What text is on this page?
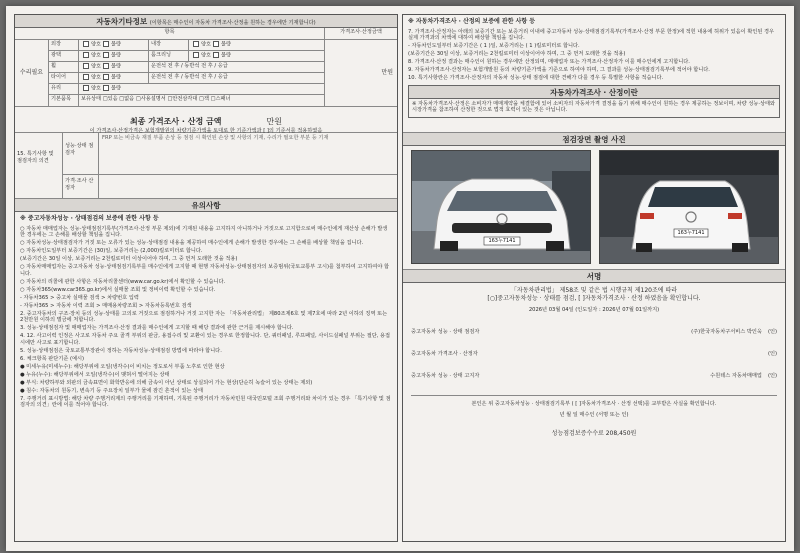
자동차기타정보 (이항목은 매수인이 자동차 가격조사·산정을 원하는 경우에만 기재합니다)
항목	가격조사·산정금액
수리필요
외장	양호 불량	내장	양호 불량
광택	양호 불량	룸크리닝	양호 불량
휠	양호 불량	운전석 전 후 / 동반석 전 후 / 응급
타이어	양호 불량	운전석 전 후 / 동반석 전 후 / 응급
유리	양호 불량
기본품목	보유상태 □있음 □없음 □사용설명서 □안전삼각대 □잭 □스패너
만원
최종 가격조사 · 산정 금액	만원
이 가격조사·산정가격은 보험개발원의 차량기준가액을 토대로 한 기준가액과 [ ]의 기준서를 적용하였음
15. 특기사항 및 점검자의 의견
성능·상태 점검자
FRP 또는 비금속 재질 부품 손상 등 점검 시 확인된 손상 및 사항의 기재, 수리가 필요한 부분 등 기재
가격·조사 산정자
유의사항

※ 중고자동차성능 · 상태점검의 보증에 관한 사항 등

○ 자동차 매매업자는 성능·상태점검기록부(가격조사·산정 부문 제외)에 기재된 내용을 고지하지 아니하거나 거짓으로 고지함으로써 매수인에게 재산상 손해가 발생한 경우에는 그 손해를 배상할 책임을 집니다.

○ 자동차성능·상태점검자가 거짓 또는 오류가 있는 성능·상태점검 내용을 제공하여 매수인에게 손해가 발생한 경우에는 그 손해를 배상할 책임을 집니다.

○ 자동차인도일부터 보증기간은 (30)일, 보증거리는 (2,000)킬로미터로 합니다.

(보증기간은 30일 이상, 보증거리는 2천킬로미터 이상이어야 하며, 그 중 먼저 도래한 것을 적용)

○ 자동차매매업자는 중고자동차 성능·상태점검기록부를 매수인에게 고지할 때 현행 자동차성능·상태점검자의 보증범위(국토교통부 고시)를 첨부하여 고지하여야 합니다.

○ 자동차의 리콜에 관한 사항은 자동차리콜센터(www.car.go.kr)에서 확인할 수 있습니다.

○ 자동차365(www.car365.go.kr)에서 실매물 조회 및 정비이력 확인할 수 있습니다.

- 자동차365 > 중고차 실매물 검색 > 차량번호 입력

- 자동차365 > 자동차 이력 조회 > 매매용차량조회 > 자동차등록번호 검색

2. 중고자동차의 구조·장치 등의 성능·상태를 고의로 거짓으로 점검하거나 거짓 고지한 자는 「자동차관리법」 제80조제6호 및 제7호에 따라 2년 이하의 징역 또는 2천만원 이하의 벌금에 처합니다.

3. 성능·상태점검자 및 매매업자는 가격조사·산정 결과를 매수인에게 고지할 때 해당 결과에 관한 근거를 제시해야 합니다.

4. 12. 사고이력 인정은 사고로 자동차 주요 골격 부위의 판금, 용접수리 및 교환이 있는 경우로 한정합니다. 단, 쿼터패널, 루프패널, 사이드실패널 부위는 절단, 용접 시에만 사고로 표기합니다.

5. 성능·상태점검은 국토교통부장관이 정하는 자동차성능·상태점검 방법에 따라야 합니다.

6. 체크항목 판단기준 (예시)

● 미세누유(미세누수): 해당부위에 오일(냉각수)이 비치는 정도로서 부품 노후로 인한 현상

● 누유(누수): 해당부위에서 오일(냉각수)이 맺혀서 떨어지는 상태

● 부식: 차량하부와 외판의 금속표면이 화학반응에 의해 금속이 아닌 상태로 상실되어 가는 현상(단순히 녹슬어 있는 상태는 제외)

● 침수: 자동차의 원동기, 변속기 등 주요장치 일부가 물에 잠긴 흔적이 있는 상태

7. 주행거리 표시방법: 해당 차량 주행거리계의 주행거리를 기재하며, 기록된 주행거리가 자동차민원 대국민포털 조회 주행거리와 차이가 있는 경우 「특기사항 및 점검자의 의견」란에 이를 적어야 합니다.

※ 자동차가격조사 · 산정의 보증에 관한 사항 등

7. 가격조사·산정자는 아래의 보증기간 또는 보증거리 이내에 중고자동차 성능·상태점검기록부(가격조사·산정 부문 한정)에 적힌 내용에 허위가 있음이 확인된 경우 실제 가격과의 차액에 대하여 배상할 책임을 집니다.

- 자동차인도일부터 보증기간은 ( 1 )일, 보증거리는 ( 1 )킬로미터로 합니다.

(보증기간은 30일 이상, 보증거리는 2천킬로미터 이상이어야 하며, 그 중 먼저 도래한 것을 적용)

8. 가격조사·산정 결과는 매수인이 원하는 경우에만 산정되며, 매매업자 또는 가격조사·산정자가 이를 매수인에게 고지합니다.

9. 자동차가격조사·산정자는 보험개발원 등의 차량기준가액을 기준으로 하여야 하며, 그 결과를 성능·상태점검기록부에 적어야 합니다.

10. 특기사항란은 가격조사·산정자의 자동차 성능·상태 점검에 대한 견해가 다를 경우 등 특별한 사항을 적습니다.

자동차가격조사 · 산정이란

※ 자동차가격조사·산정은 소비자가 매매계약을 체결함에 있어 소비자의 자동차가격 결정을 돕기 위해 매수인이 원하는 경우 제공하는 정보이며, 차량 성능·상태와 시장가격을 참조하여 산정한 것으로 법적 효력이 있는 것은 아닙니다.

점검장면 촬영 사진
163누7141
163누7141
서명

「자동차관리법」 제58조 및 같은 법 시행규칙 제120조에 따라

[○]중고자동차성능 · 상태를 점검, [ ]자동차가격조사 · 산정 하였음을 확인합니다.

2026년 03월 04일 (인도일자 : 2026년 07월 01일까지)

중고자동차 성능 · 상태 점검자	(주)한국자동차구서비스 박인욱 (인)
중고자동차 가격조사 · 산정자	(인)
중고자동차 성능 · 상태 고지자	수원테스 자동차매매업 (인)

본인은 위 중고자동차성능 · 상태점검기록부 ( [ ]자동차가격조사 · 산정 선택)를 교부받은 사실을 확인합니다.

년 월 일 매수인 (서명 또는 인)

성능점검보증수수료 208,450원
